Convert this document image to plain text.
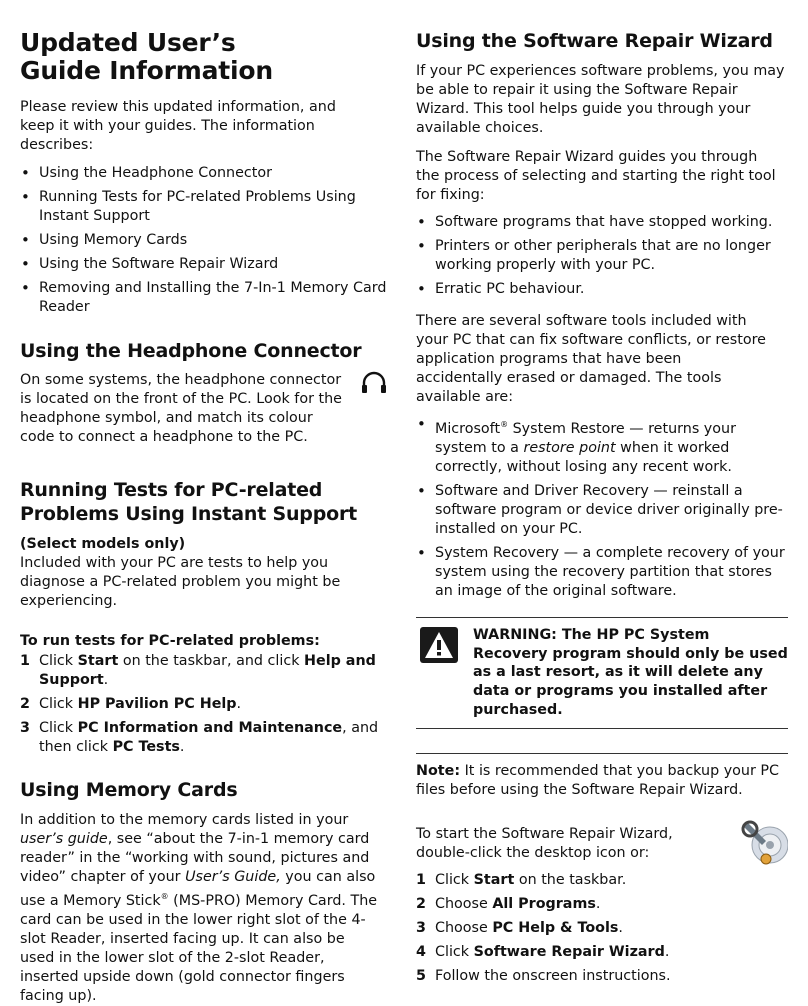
Updated User’s Guide Information

Please review this updated information, and keep it with your guides. The information describes:

• Using the Headphone Connector
• Running Tests for PC-related Problems Using Instant Support
• Using Memory Cards
• Using the Software Repair Wizard
• Removing and Installing the 7-In-1 Memory Card Reader
Using the Headphone Connector

On some systems, the headphone connector is located on the front of the PC. Look for the headphone symbol, and match its colour code to connect a headphone to the PC.

Running Tests for PC-related Problems Using Instant Support

(Select models only)

Included with your PC are tests to help you diagnose a PC-related problem you might be experiencing.

To run tests for PC-related problems:

1 Click Start on the taskbar, and click Help and Support.
2 Click HP Pavilion PC Help.
3 Click PC Information and Maintenance, and then click PC Tests.
Using Memory Cards

In addition to the memory cards listed in your user’s guide, see “about the 7-in-1 memory card reader” in the “working with sound, pictures and video” chapter of your User’s Guide, you can also use a Memory Stick® (MS-PRO) Memory Card. The card can be used in the lower right slot of the 4-slot Reader, inserted facing up. It can also be used in the lower slot of the 2-slot Reader, inserted upside down (gold connector fingers facing up).

Using the Software Repair Wizard

If your PC experiences software problems, you may be able to repair it using the Software Repair Wizard. This tool helps guide you through your available choices.

The Software Repair Wizard guides you through the process of selecting and starting the right tool for fixing:

• Software programs that have stopped working.
• Printers or other peripherals that are no longer working properly with your PC.
• Erratic PC behaviour.

There are several software tools included with your PC that can fix software conflicts, or restore application programs that have been accidentally erased or damaged. The tools available are:

• Microsoft® System Restore — returns your system to a restore point when it worked correctly, without losing any recent work.
• Software and Driver Recovery — reinstall a software program or device driver originally pre-installed on your PC.
• System Recovery — a complete recovery of your system using the recovery partition that stores an image of the original software.
WARNING: The HP PC System Recovery program should only be used as a last resort, as it will delete any data or programs you installed after purchased.

Note: It is recommended that you backup your PC files before using the Software Repair Wizard.

To start the Software Repair Wizard, double-click the desktop icon or:

1 Click Start on the taskbar.
2 Choose All Programs.
3 Choose PC Help & Tools.
4 Click Software Repair Wizard.
5 Follow the onscreen instructions.
